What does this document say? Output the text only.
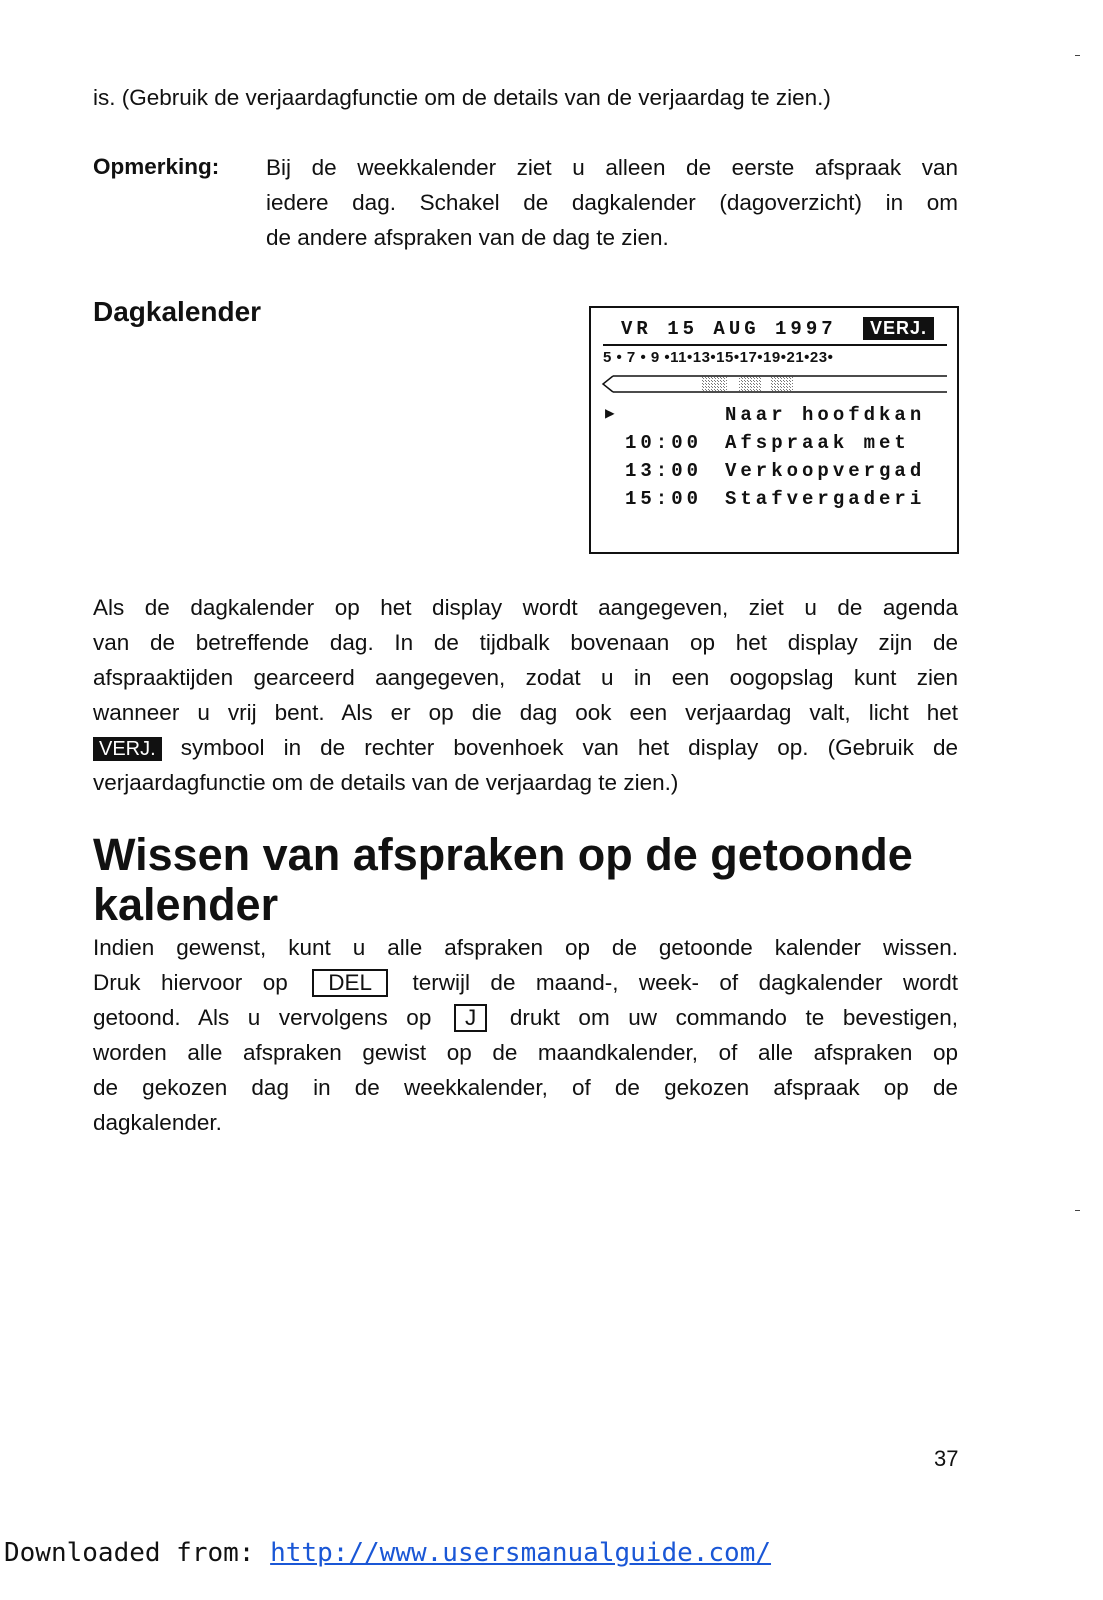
is. (Gebruik de verjaardagfunctie om de details van de verjaardag te zien.)
Opmerking: Bij de weekkalender ziet u alleen de eerste afspraak van
iedere dag. Schakel de dagkalender (dagoverzicht) in om
de andere afspraken van de dag te zien.
Dagkalender
VR 15 AUG 1997	VERJ.
5 • 7 • 9 •11•13•15•17•19•21•23•
▶	Naar hoofdkan
10:00 Afspraak met
13:00 Verkoopvergad
15:00 Stafvergaderi
Als de dagkalender op het display wordt aangegeven, ziet u de agenda
van de betreffende dag. In de tijdbalk bovenaan op het display zijn de
afspraaktijden gearceerd aangegeven, zodat u in een oogopslag kunt zien
wanneer u vrij bent. Als er op die dag ook een verjaardag valt, licht het
VERJ. symbool in de rechter bovenhoek van het display op. (Gebruik de
verjaardagfunctie om de details van de verjaardag te zien.)
Wissen van afspraken op de getoonde
kalender
Indien gewenst, kunt u alle afspraken op de getoonde kalender wissen.
Druk hiervoor op DEL terwijl de maand-, week- of dagkalender wordt
getoond. Als u vervolgens op J drukt om uw commando te bevestigen,
worden alle afspraken gewist op de maandkalender, of alle afspraken op
de gekozen dag in de weekkalender, of de gekozen afspraak op de
dagkalender.
37
Downloaded from: http://www.usersmanualguide.com/
